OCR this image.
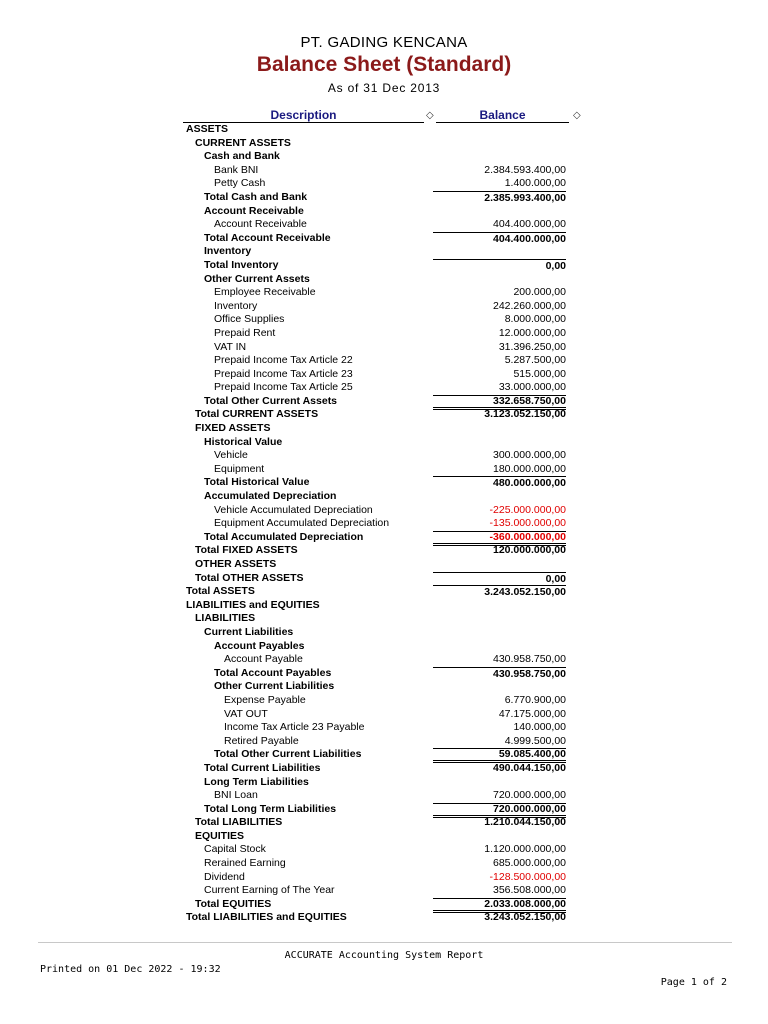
PT. GADING KENCANA
Balance Sheet (Standard)
As of 31 Dec 2013
Description	◇	Balance	◇
ASSETS
CURRENT ASSETS
Cash and Bank
Bank BNI	2.384.593.400,00
Petty Cash	1.400.000,00
Total Cash and Bank	2.385.993.400,00
Account Receivable
Account Receivable	404.400.000,00
Total Account Receivable	404.400.000,00
Inventory
Total Inventory	0,00
Other Current Assets
Employee Receivable	200.000,00
Inventory	242.260.000,00
Office Supplies	8.000.000,00
Prepaid Rent	12.000.000,00
VAT IN	31.396.250,00
Prepaid Income Tax Article 22	5.287.500,00
Prepaid Income Tax Article 23	515.000,00
Prepaid Income Tax Article 25	33.000.000,00
Total Other Current Assets	332.658.750,00
Total CURRENT ASSETS	3.123.052.150,00
FIXED ASSETS
Historical Value
Vehicle	300.000.000,00
Equipment	180.000.000,00
Total Historical Value	480.000.000,00
Accumulated Depreciation
Vehicle Accumulated Depreciation	-225.000.000,00
Equipment Accumulated Depreciation	-135.000.000,00
Total Accumulated Depreciation	-360.000.000,00
Total FIXED ASSETS	120.000.000,00
OTHER ASSETS
Total OTHER ASSETS	0,00
Total ASSETS	3.243.052.150,00
LIABILITIES and EQUITIES
LIABILITIES
Current Liabilities
Account Payables
Account Payable	430.958.750,00
Total Account Payables	430.958.750,00
Other Current Liabilities
Expense Payable	6.770.900,00
VAT OUT	47.175.000,00
Income Tax Article 23 Payable	140.000,00
Retired Payable	4.999.500,00
Total Other Current Liabilities	59.085.400,00
Total Current Liabilities	490.044.150,00
Long Term Liabilities
BNI Loan	720.000.000,00
Total Long Term Liabilities	720.000.000,00
Total LIABILITIES	1.210.044.150,00
EQUITIES
Capital Stock	1.120.000.000,00
Rerained Earning	685.000.000,00
Dividend	-128.500.000,00
Current Earning of The Year	356.508.000,00
Total EQUITIES	2.033.008.000,00
Total LIABILITIES and EQUITIES	3.243.052.150,00
ACCURATE Accounting System Report
Printed on 01 Dec 2022 - 19:32
Page 1 of 2
